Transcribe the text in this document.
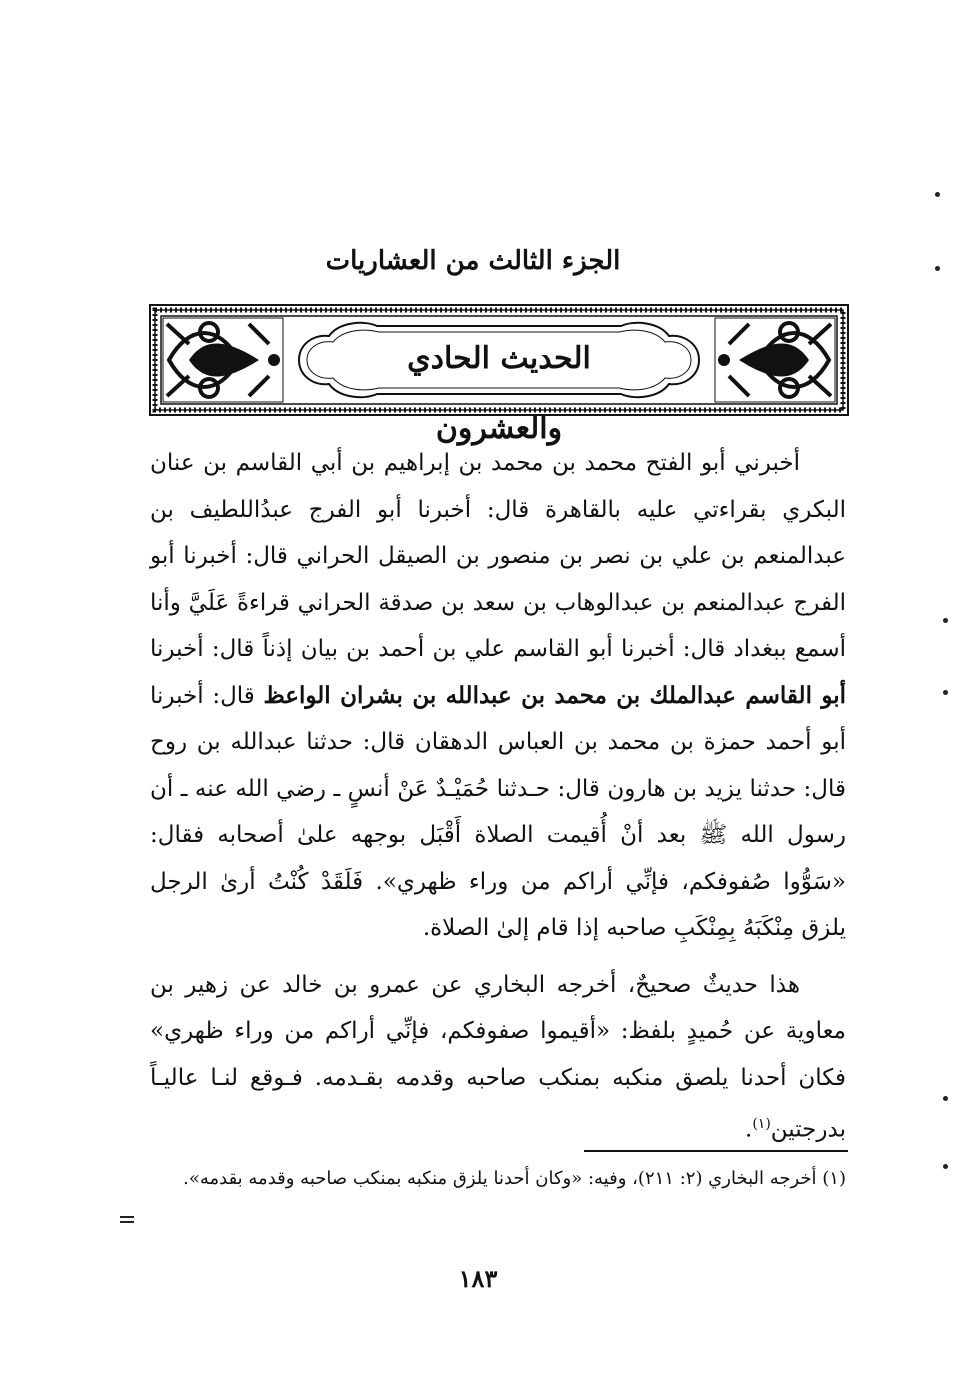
الجزء الثالث من العشاريات
الحديث الحادي والعشرون

أخبرني أبو الفتح محمد بن محمد بن إبراهيم بن أبي القاسم بن عنان البكري بقراءتي عليه بالقاهرة قال: أخبرنا أبو الفرج عبدُاللطيف بن عبدالمنعم بن علي بن نصر بن منصور بن الصيقل الحراني قال: أخبرنا أبو الفرج عبدالمنعم بن عبدالوهاب بن سعد بن صدقة الحراني قراءةً عَلَيَّ وأنا أسمع ببغداد قال: أخبرنا أبو القاسم علي بن أحمد بن بيان إذناً قال: أخبرنا أبو القاسم عبدالملك بن محمد بن عبدالله بن بشران الواعظ قال: أخبرنا أبو أحمد حمزة بن محمد بن العباس الدهقان قال: حدثنا عبدالله بن روح قال: حدثنا يزيد بن هارون قال: حـدثنا حُمَيْـدٌ عَنْ أنسٍ ـ رضي الله عنه ـ أن رسول الله ﷺ بعد أنْ أُقيمت الصلاة أَقْبَل بوجهه علىٰ أصحابه فقال: «سَوُّوا صُفوفكم، فإنِّي أراكم من وراء ظهري». فَلَقَدْ كُنْتُ أرىٰ الرجل يلزق مِنْكَبَهُ بِمِنْكَبِ صاحبه إذا قام إلىٰ الصلاة.

هذا حديثٌ صحيحٌ، أخرجه البخاري عن عمرو بن خالد عن زهير بن معاوية عن حُميدٍ بلفظ: «أقيموا صفوفكم، فإنِّي أراكم من وراء ظهري» فكان أحدنا يلصق منكبه بمنكب صاحبه وقدمه بقـدمه. فـوقع لنـا عاليـاً بدرجتين$^{(١)}$.

(١) أخرجه البخاري (٢: ٢١١)، وفيه: «وكان أحدنا يلزق منكبه بمنكب صاحبه وقدمه بقدمه».
١٨٣
